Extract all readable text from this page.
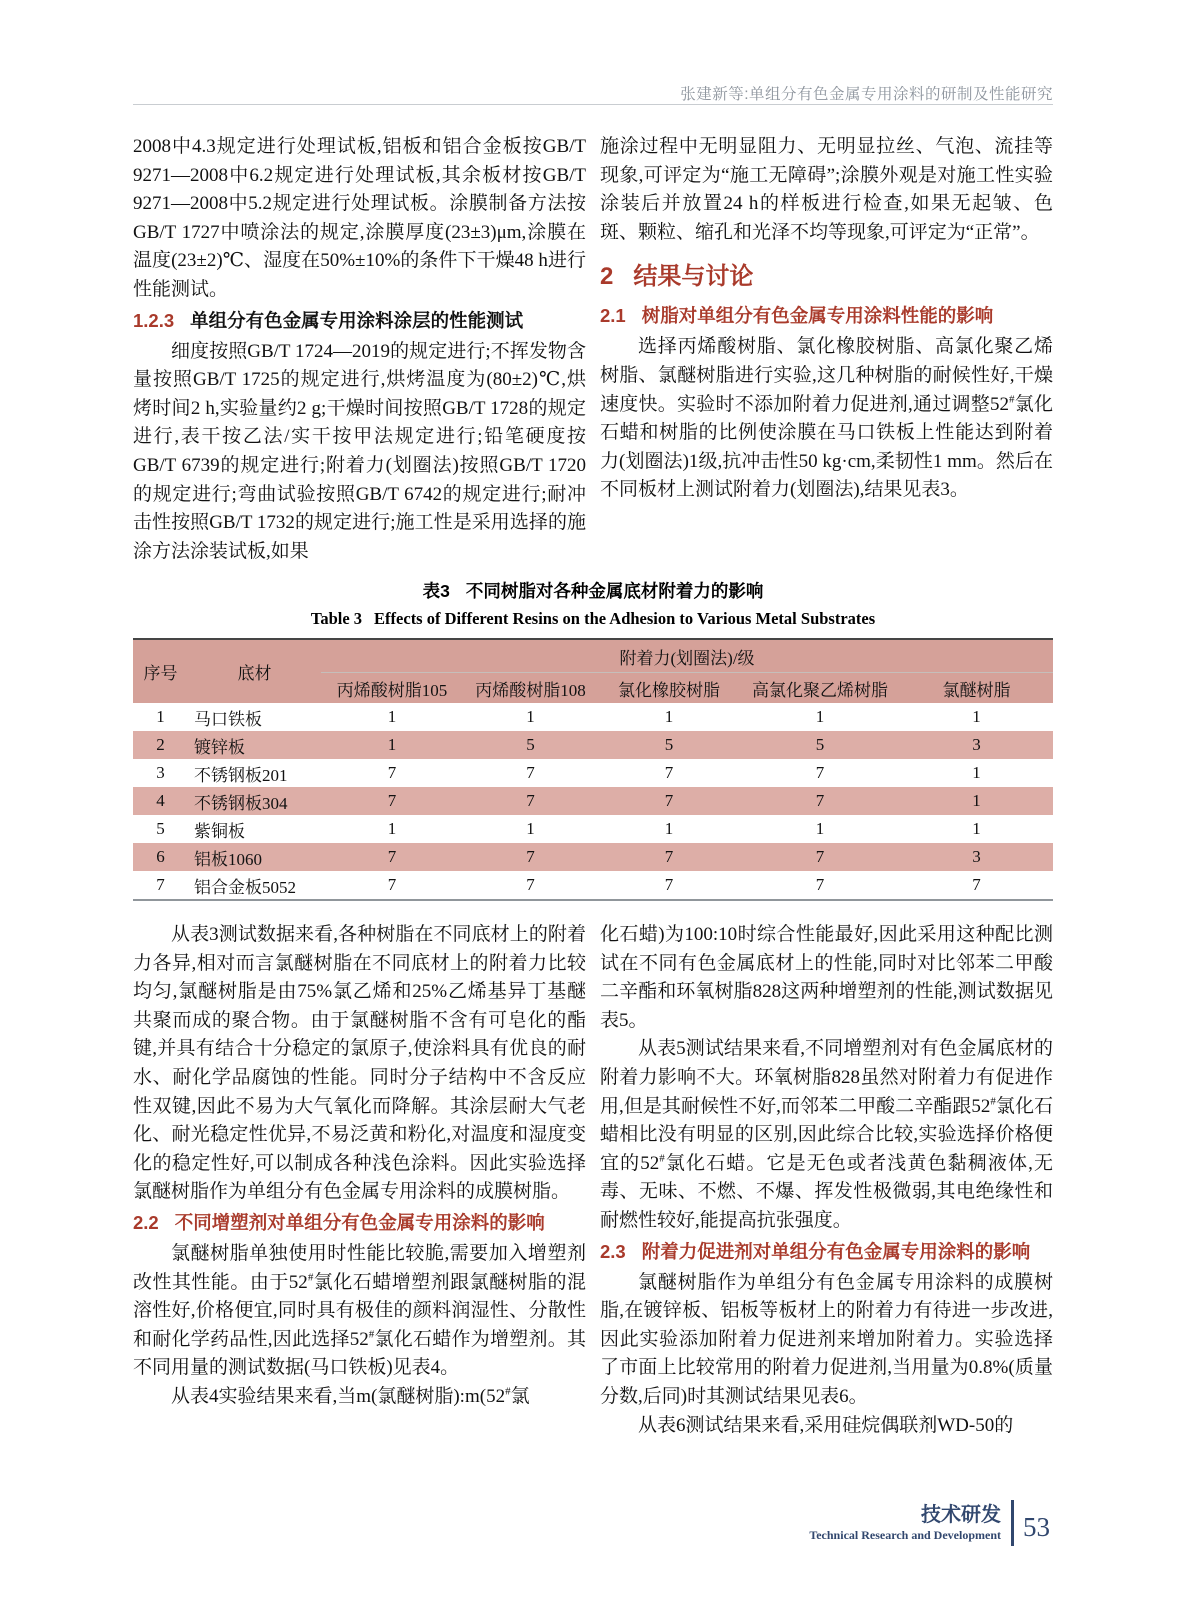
张建新等:单组分有色金属专用涂料的研制及性能研究

2008中4.3规定进行处理试板,铝板和铝合金板按GB/T 9271—2008中6.2规定进行处理试板,其余板材按GB/T 9271—2008中5.2规定进行处理试板。涂膜制备方法按GB/T 1727中喷涂法的规定,涂膜厚度(23±3)μm,涂膜在温度(23±2)℃、湿度在50%±10%的条件下干燥48 h进行性能测试。

1.2.3 单组分有色金属专用涂料涂层的性能测试

细度按照GB/T 1724—2019的规定进行;不挥发物含量按照GB/T 1725的规定进行,烘烤温度为(80±2)℃,烘烤时间2 h,实验量约2 g;干燥时间按照GB/T 1728的规定进行,表干按乙法/实干按甲法规定进行;铅笔硬度按GB/T 6739的规定进行;附着力(划圈法)按照GB/T 1720的规定进行;弯曲试验按照GB/T 6742的规定进行;耐冲击性按照GB/T 1732的规定进行;施工性是采用选择的施涂方法涂装试板,如果

施涂过程中无明显阻力、无明显拉丝、气泡、流挂等现象,可评定为“施工无障碍”;涂膜外观是对施工性实验涂装后并放置24 h的样板进行检查,如果无起皱、色斑、颗粒、缩孔和光泽不均等现象,可评定为“正常”。

2 结果与讨论

2.1 树脂对单组分有色金属专用涂料性能的影响

选择丙烯酸树脂、氯化橡胶树脂、高氯化聚乙烯树脂、氯醚树脂进行实验,这几种树脂的耐候性好,干燥速度快。实验时不添加附着力促进剂,通过调整52#氯化石蜡和树脂的比例使涂膜在马口铁板上性能达到附着力(划圈法)1级,抗冲击性50 kg·cm,柔韧性1 mm。然后在不同板材上测试附着力(划圈法),结果见表3。

表3 不同树脂对各种金属底材附着力的影响

Table 3 Effects of Different Resins on the Adhesion to Various Metal Substrates

序号	底材	附着力(划圈法)/级				
		丙烯酸树脂105	丙烯酸树脂108	氯化橡胶树脂	高氯化聚乙烯树脂	氯醚树脂
1	马口铁板	1	1	1	1	1
2	镀锌板	1	5	5	5	3
3	不锈钢板201	7	7	7	7	1
4	不锈钢板304	7	7	7	7	1
5	紫铜板	1	1	1	1	1
6	铝板1060	7	7	7	7	3
7	铝合金板5052	7	7	7	7	7

从表3测试数据来看,各种树脂在不同底材上的附着力各异,相对而言氯醚树脂在不同底材上的附着力比较均匀,氯醚树脂是由75%氯乙烯和25%乙烯基异丁基醚共聚而成的聚合物。由于氯醚树脂不含有可皂化的酯键,并具有结合十分稳定的氯原子,使涂料具有优良的耐水、耐化学品腐蚀的性能。同时分子结构中不含反应性双键,因此不易为大气氧化而降解。其涂层耐大气老化、耐光稳定性优异,不易泛黄和粉化,对温度和湿度变化的稳定性好,可以制成各种浅色涂料。因此实验选择氯醚树脂作为单组分有色金属专用涂料的成膜树脂。

2.2 不同增塑剂对单组分有色金属专用涂料的影响

氯醚树脂单独使用时性能比较脆,需要加入增塑剂改性其性能。由于52#氯化石蜡增塑剂跟氯醚树脂的混溶性好,价格便宜,同时具有极佳的颜料润湿性、分散性和耐化学药品性,因此选择52#氯化石蜡作为增塑剂。其不同用量的测试数据(马口铁板)见表4。

从表4实验结果来看,当m(氯醚树脂):m(52#氯

化石蜡)为100:10时综合性能最好,因此采用这种配比测试在不同有色金属底材上的性能,同时对比邻苯二甲酸二辛酯和环氧树脂828这两种增塑剂的性能,测试数据见表5。

从表5测试结果来看,不同增塑剂对有色金属底材的附着力影响不大。环氧树脂828虽然对附着力有促进作用,但是其耐候性不好,而邻苯二甲酸二辛酯跟52#氯化石蜡相比没有明显的区别,因此综合比较,实验选择价格便宜的52#氯化石蜡。它是无色或者浅黄色黏稠液体,无毒、无味、不燃、不爆、挥发性极微弱,其电绝缘性和耐燃性较好,能提高抗张强度。

2.3 附着力促进剂对单组分有色金属专用涂料的影响

氯醚树脂作为单组分有色金属专用涂料的成膜树脂,在镀锌板、铝板等板材上的附着力有待进一步改进,因此实验添加附着力促进剂来增加附着力。实验选择了市面上比较常用的附着力促进剂,当用量为0.8%(质量分数,后同)时其测试结果见表6。

从表6测试结果来看,采用硅烷偶联剂WD-50的

技术研发
Technical Research and Development 53
